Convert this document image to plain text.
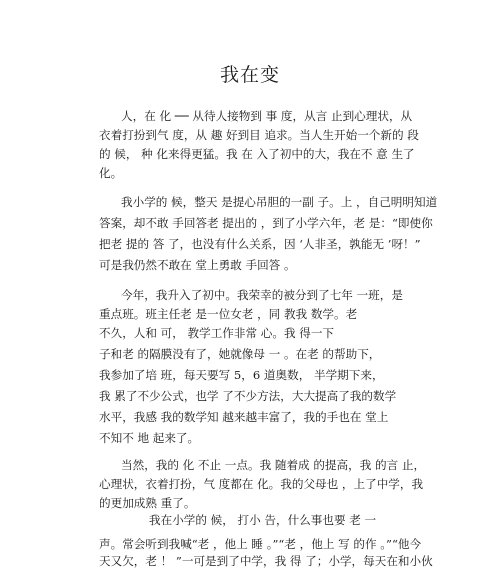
我在变
人，在 化 ── 从待人接物到 事 度，从言 止到心理状，从
衣着打扮到气 度，从 趣 好到目 追求。当人生开始一个新的 段
的 候， 种 化来得更猛。我 在 入了初中的大，我在不 意 生了
化。
我小学的 候，整天 是提心吊胆的一副 子。上 ，自己明明知道
答案，却不敢 手回答老 提出的 ，到了小学六年，老 是：“即使你
把老 提的 答 了，也没有什么关系，因 ‘人非圣，孰能无 ’呀！”
可是我仍然不敢在 堂上勇敢 手回答 。
今年，我升入了初中。我荣幸的被分到了七年 一班，是
重点班。班主任老 是一位女老 ，同 教我 数学。老
不久，人和 可， 教学工作非常 心。我 得一下
子和老 的隔膜没有了，她就像母 一 。在老 的帮助下，
我参加了培 班，每天要写 5，6 道奥数， 半学期下来，
我 累了不少公式，也学 了不少方法，大大提高了我的数学
水平，我感 我的数学知 越来越丰富了，我的手也在 堂上
不知不 地 起来了。
当然，我的 化 不止 一点。我 随着成 的提高，我 的言 止，
心理状，衣着打扮，气 度都在 化。我的父母也 ，上了中学，我
的更加成熟 重了。
我在小学的 候， 打小 告，什么事也要 老 一
声。常会听到我喊“老 ，他上 睡 。”“老 ，他上 写 的作 。”“他今
天又欠，老 ！ ”一可是到了中学，我 得 了；小学，每天在和小伙
